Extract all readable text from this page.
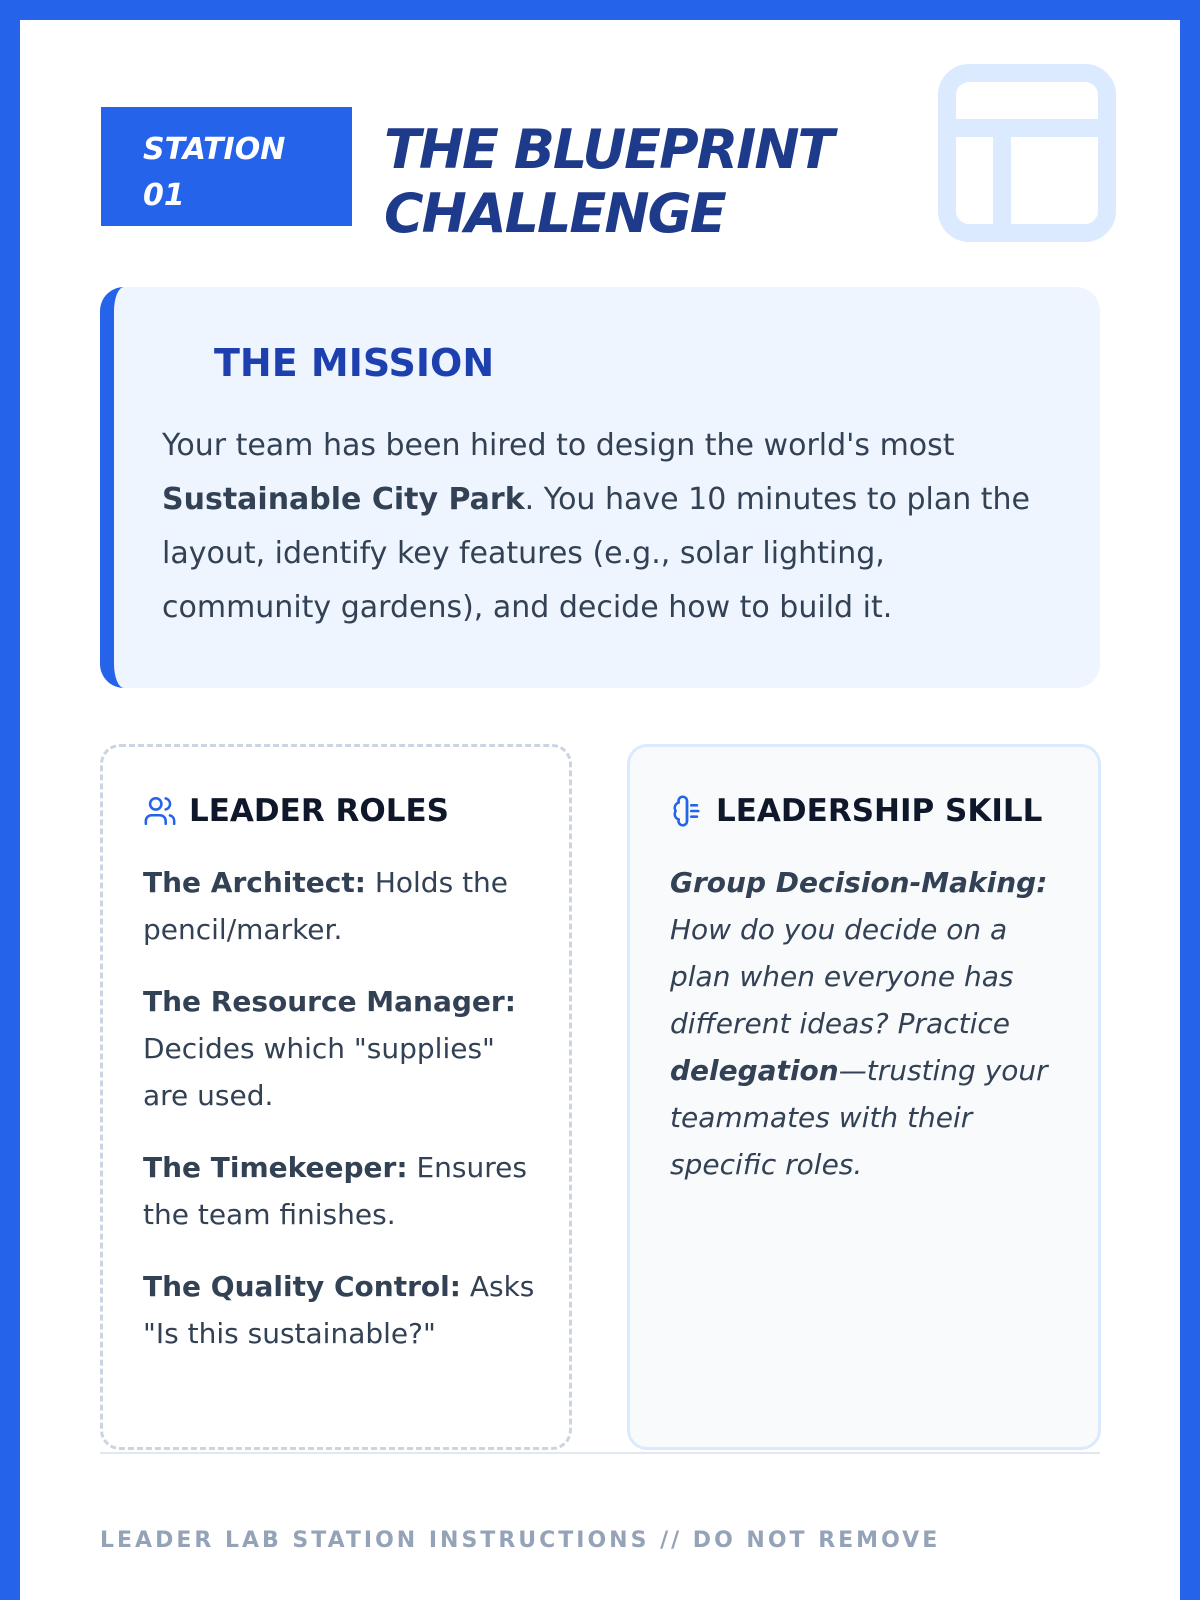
STATION
01
THE BLUEPRINT
CHALLENGE
THE MISSION
Your team has been hired to design the world's most Sustainable City Park. You have 10 minutes to plan the layout, identify key features (e.g., solar lighting, community gardens), and decide how to build it.
LEADER ROLES
The Architect: Holds the pencil/marker.
The Resource Manager: Decides which "supplies" are used.
The Timekeeper: Ensures the team finishes.
The Quality Control: Asks "Is this sustainable?"
LEADERSHIP SKILL
Group Decision-Making: How do you decide on a plan when everyone has different ideas? Practice delegation—trusting your teammates with their specific roles.
LEADER LAB STATION INSTRUCTIONS // DO NOT REMOVE
